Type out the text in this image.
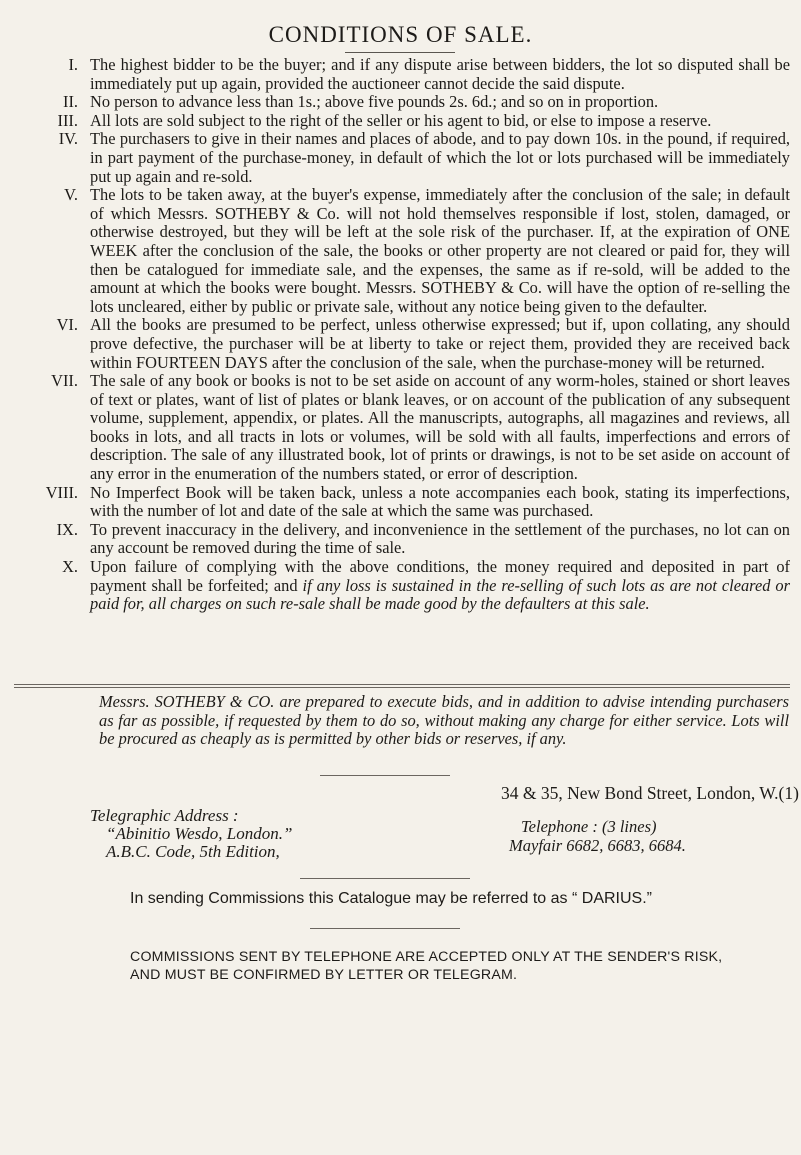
CONDITIONS OF SALE.

I. The highest bidder to be the buyer; and if any dispute arise between bidders, the lot so disputed shall be immediately put up again, provided the auctioneer cannot decide the said dispute.

II. No person to advance less than 1s.; above five pounds 2s. 6d.; and so on in proportion.

III. All lots are sold subject to the right of the seller or his agent to bid, or else to impose a reserve.

IV. The purchasers to give in their names and places of abode, and to pay down 10s. in the pound, if required, in part payment of the purchase-money, in default of which the lot or lots purchased will be immediately put up again and re-sold.

V. The lots to be taken away, at the buyer's expense, immediately after the conclusion of the sale; in default of which Messrs. SOTHEBY & Co. will not hold themselves responsible if lost, stolen, damaged, or otherwise destroyed, but they will be left at the sole risk of the purchaser. If, at the expiration of ONE WEEK after the conclusion of the sale, the books or other property are not cleared or paid for, they will then be catalogued for immediate sale, and the expenses, the same as if re-sold, will be added to the amount at which the books were bought. Messrs. SOTHEBY & Co. will have the option of re-selling the lots uncleared, either by public or private sale, without any notice being given to the defaulter.

VI. All the books are presumed to be perfect, unless otherwise expressed; but if, upon collating, any should prove defective, the purchaser will be at liberty to take or reject them, provided they are received back within FOURTEEN DAYS after the conclusion of the sale, when the purchase-money will be returned.

VII. The sale of any book or books is not to be set aside on account of any worm-holes, stained or short leaves of text or plates, want of list of plates or blank leaves, or on account of the publication of any subsequent volume, supplement, appendix, or plates. All the manuscripts, autographs, all magazines and reviews, all books in lots, and all tracts in lots or volumes, will be sold with all faults, imperfections and errors of description. The sale of any illustrated book, lot of prints or drawings, is not to be set aside on account of any error in the enumeration of the numbers stated, or error of description.

VIII. No Imperfect Book will be taken back, unless a note accompanies each book, stating its imperfections, with the number of lot and date of the sale at which the same was purchased.

IX. To prevent inaccuracy in the delivery, and inconvenience in the settlement of the purchases, no lot can on any account be removed during the time of sale.

X. Upon failure of complying with the above conditions, the money required and deposited in part of payment shall be forfeited; and if any loss is sustained in the re-selling of such lots as are not cleared or paid for, all charges on such re-sale shall be made good by the defaulters at this sale.

Messrs. SOTHEBY & CO. are prepared to execute bids, and in addition to advise intending purchasers as far as possible, if requested by them to do so, without making any charge for either service. Lots will be procured as cheaply as is permitted by other bids or reserves, if any.
34 & 35, New Bond Street, London, W.(1)
Telegraphic Address :
“Abinitio Wesdo, London.”
A.B.C. Code, 5th Edition,
Telephone : (3 lines)
Mayfair 6682, 6683, 6684.
In sending Commissions this Catalogue may be referred to as “ DARIUS.”
COMMISSIONS SENT BY TELEPHONE ARE ACCEPTED ONLY AT THE SENDER'S RISK,
AND MUST BE CONFIRMED BY LETTER OR TELEGRAM.
